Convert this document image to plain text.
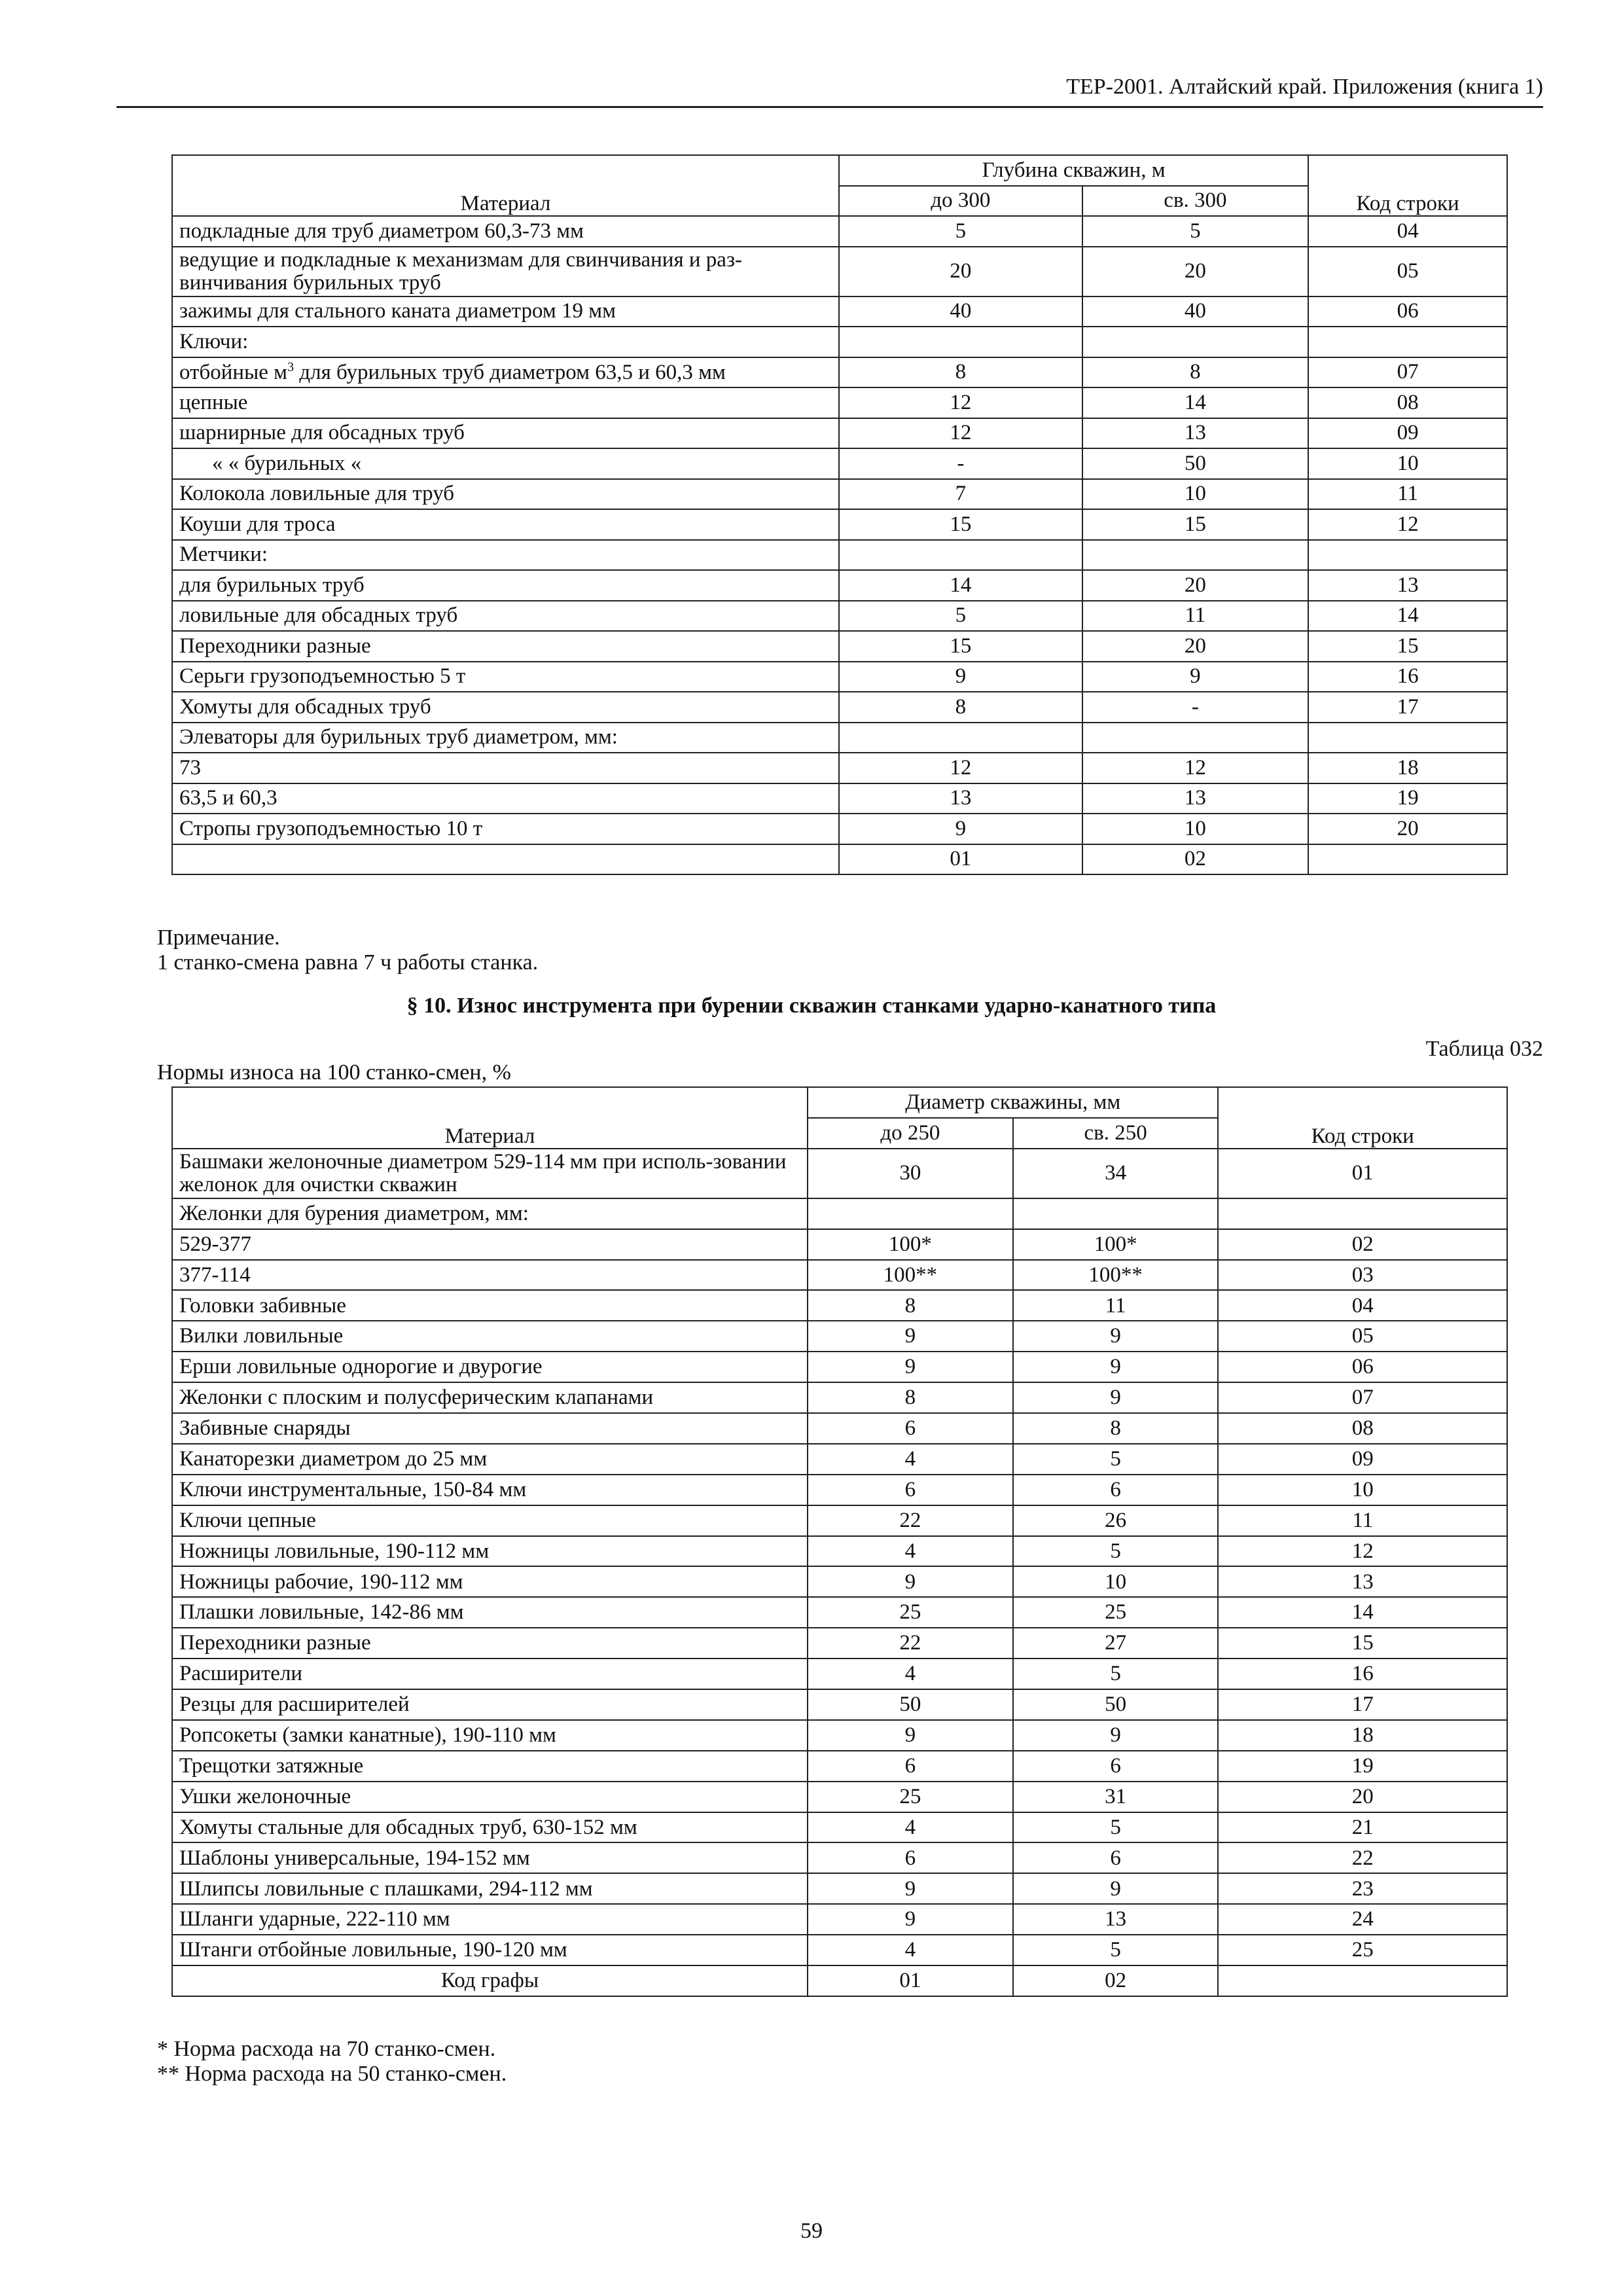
ТЕР-2001. Алтайский край. Приложения (книга 1)
Материал	Глубина скважин, м		Код строки
	до 300	св. 300	
подкладные для труб диаметром 60,3-73 мм	5	5	04
ведущие и подкладные к механизмам для свинчивания и раз-винчивания бурильных труб	20	20	05
зажимы для стального каната диаметром 19 мм	40	40	06
Ключи:			
отбойные $м^3$ для бурильных труб диаметром 63,5 и 60,3 мм	8	8	07
цепные	12	14	08
шарнирные для обсадных труб	12	13	09
« « бурильных «	-	50	10
Колокола ловильные для труб	7	10	11
Коуши для троса	15	15	12
Метчики:			
для бурильных труб	14	20	13
ловильные для обсадных труб	5	11	14
Переходники разные	15	20	15
Серьги грузоподъемностью 5 т	9	9	16
Хомуты для обсадных труб	8	-	17
Элеваторы для бурильных труб диаметром, мм:			
73	12	12	18
63,5 и 60,3	13	13	19
Стропы грузоподъемностью 10 т	9	10	20
	01	02	
Примечание.
1 станко-смена равна 7 ч работы станка.
§ 10. Износ инструмента при бурении скважин станками ударно-канатного типа
Таблица 032
Нормы износа на 100 станко-смен, %
Материал	Диаметр скважины, мм		Код строки
	до 250	св. 250	
Башмаки желоночные диаметром 529-114 мм при исполь-зовании желонок для очистки скважин	30	34	01
Желонки для бурения диаметром, мм:			
529-377	100*	100*	02
377-114	100**	100**	03
Головки забивные	8	11	04
Вилки ловильные	9	9	05
Ерши ловильные однорогие и двурогие	9	9	06
Желонки с плоским и полусферическим клапанами	8	9	07
Забивные снаряды	6	8	08
Канаторезки диаметром до 25 мм	4	5	09
Ключи инструментальные, 150-84 мм	6	6	10
Ключи цепные	22	26	11
Ножницы ловильные, 190-112 мм	4	5	12
Ножницы рабочие, 190-112 мм	9	10	13
Плашки ловильные, 142-86 мм	25	25	14
Переходники разные	22	27	15
Расширители	4	5	16
Резцы для расширителей	50	50	17
Ропсокеты (замки канатные), 190-110 мм	9	9	18
Трещотки затяжные	6	6	19
Ушки желоночные	25	31	20
Хомуты стальные для обсадных труб, 630-152 мм	4	5	21
Шаблоны универсальные, 194-152 мм	6	6	22
Шлипсы ловильные с плашками, 294-112 мм	9	9	23
Шланги ударные, 222-110 мм	9	13	24
Штанги отбойные ловильные, 190-120 мм	4	5	25
Код графы	01	02	
* Норма расхода на 70 станко-смен.
** Норма расхода на 50 станко-смен.
59
